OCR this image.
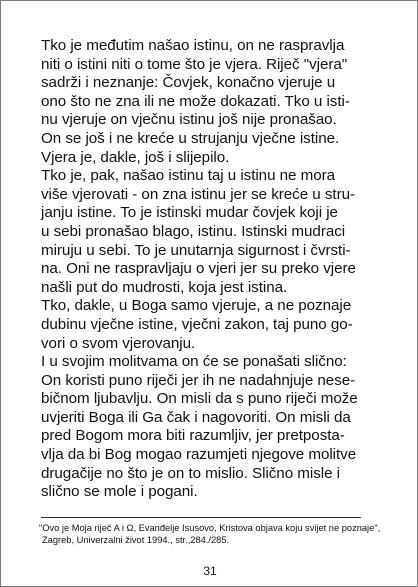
Tko je međutim našao istinu, on ne raspravlja
niti o istini niti o tome što je vjera. Riječ "vjera"
sadrži i neznanje: Čovjek, konačno vjeruje u
ono što ne zna ili ne može dokazati. Tko u isti-
nu vjeruje on vječnu istinu još nije pronašao.
On se još i ne kreće u strujanju vječne istine.
Vjera je, dakle, još i slijepilo.
Tko je, pak, našao istinu taj u istinu ne mora
više vjerovati - on zna istinu jer se kreće u stru-
janju istine. To je istinski mudar čovjek koji je
u sebi pronašao blago, istinu. Istinski mudraci
miruju u sebi. To je unutarnja sigurnost i čvrsti-
na. Oni ne raspravljaju o vjeri jer su preko vjere
našli put do mudrosti, koja jest istina.
Tko, dakle, u Boga samo vjeruje, a ne poznaje
dubinu vječne istine, vječni zakon, taj puno go-
vori o svom vjerovanju.
I u svojim molitvama on će se ponašati slično:
On koristi puno riječi jer ih ne nadahnjuje nese-
bičnom ljubavlju. On misli da s puno riječi može
uvjeriti Boga ili Ga čak i nagovoriti. On misli da
pred Bogom mora biti razumljiv, jer pretposta-
vlja da bi Bog mogao razumjeti njegove molitve
drugačije no što je on to mislio. Slično misle i
slično se mole i pogani.
"Ovo je Moja riječ A i Ω, Evanđelje Isusovo, Kristova objava koju svijet ne poznaje",
Zagreb, Univerzalni život 1994., str.,284./285.
31
